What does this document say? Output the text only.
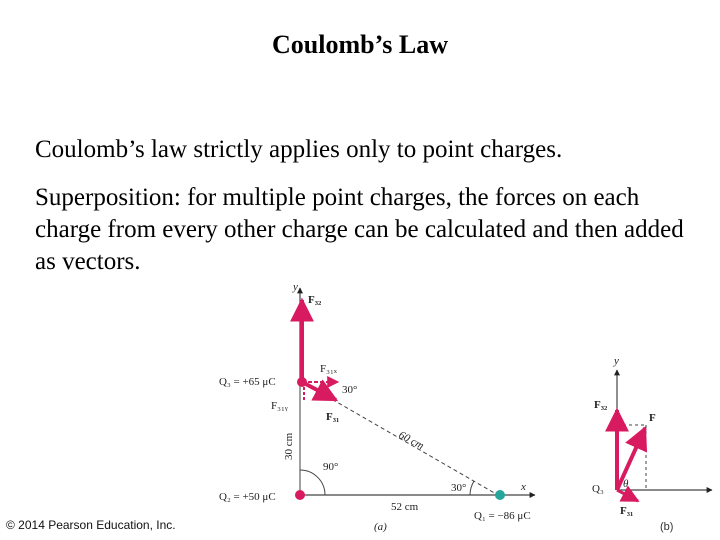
Coulomb’s Law
Coulomb’s law strictly applies only to point charges.
Superposition: for multiple point charges, the forces on each charge from every other charge can be calculated and then added as vectors.
y
x
60 cm
30 cm
90°
30°
52 cm
F₃₂
F₃₁
F₃₁ₓ
F₃₁ᵧ
30°
Q₃ = +65 μC
Q₂ = +50 μC
Q₁ = −86 μC
(a)
y
F₃₂
F
F₃₁
θ
Q₃
(b)
© 2014 Pearson Education, Inc.
